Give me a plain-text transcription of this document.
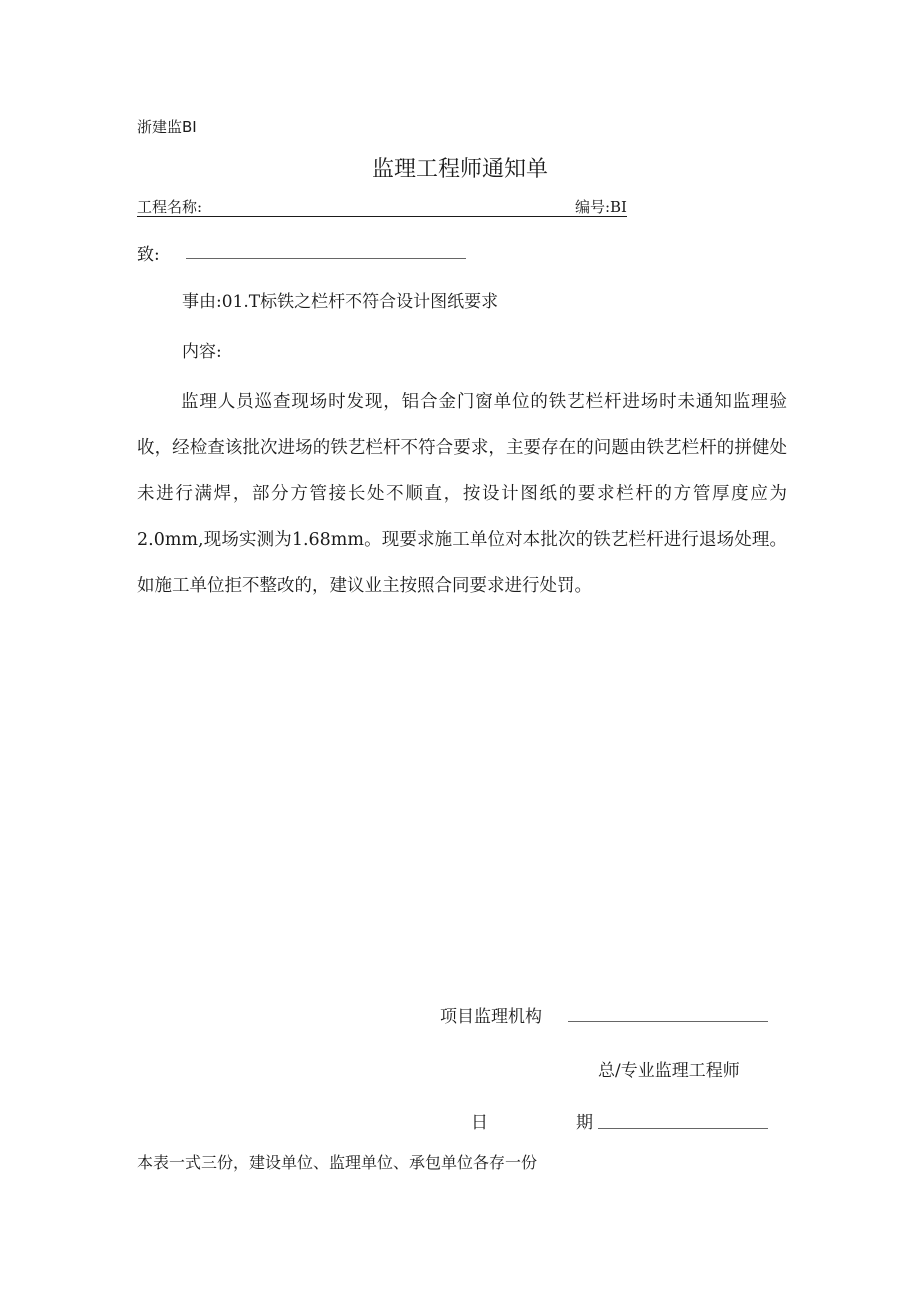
浙建监BI
监理工程师通知单
工程名称:	编号:BI
致:
事由:01.T标铁之栏杆不符合设计图纸要求
内容:

监理人员巡查现场时发现，铝合金门窗单位的铁艺栏杆进场时未通知监理验收，经检查该批次进场的铁艺栏杆不符合要求，主要存在的问题由铁艺栏杆的拼健处未进行满焊，部分方管接长处不顺直，按设计图纸的要求栏杆的方管厚度应为2.0mm,现场实测为1.68mm。现要求施工单位对本批次的铁艺栏杆进行退场处理。如施工单位拒不整改的，建议业主按照合同要求进行处罚。

项目监理机构
总/专业监理工程师
日	期
本表一式三份，建设单位、监理单位、承包单位各存一份
